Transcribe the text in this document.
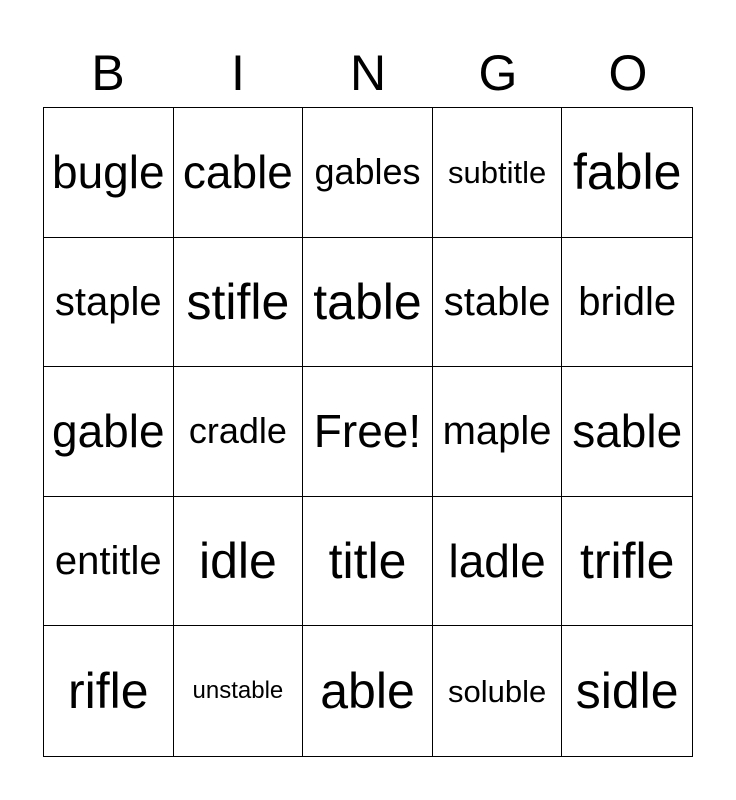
B	I	N	G	O
bugle cable gables subtitle fable
staple stifle table stable bridle
gable cradle Free! maple sable
entitle idle	title ladle trifle
rifle	unstable able	soluble sidle
